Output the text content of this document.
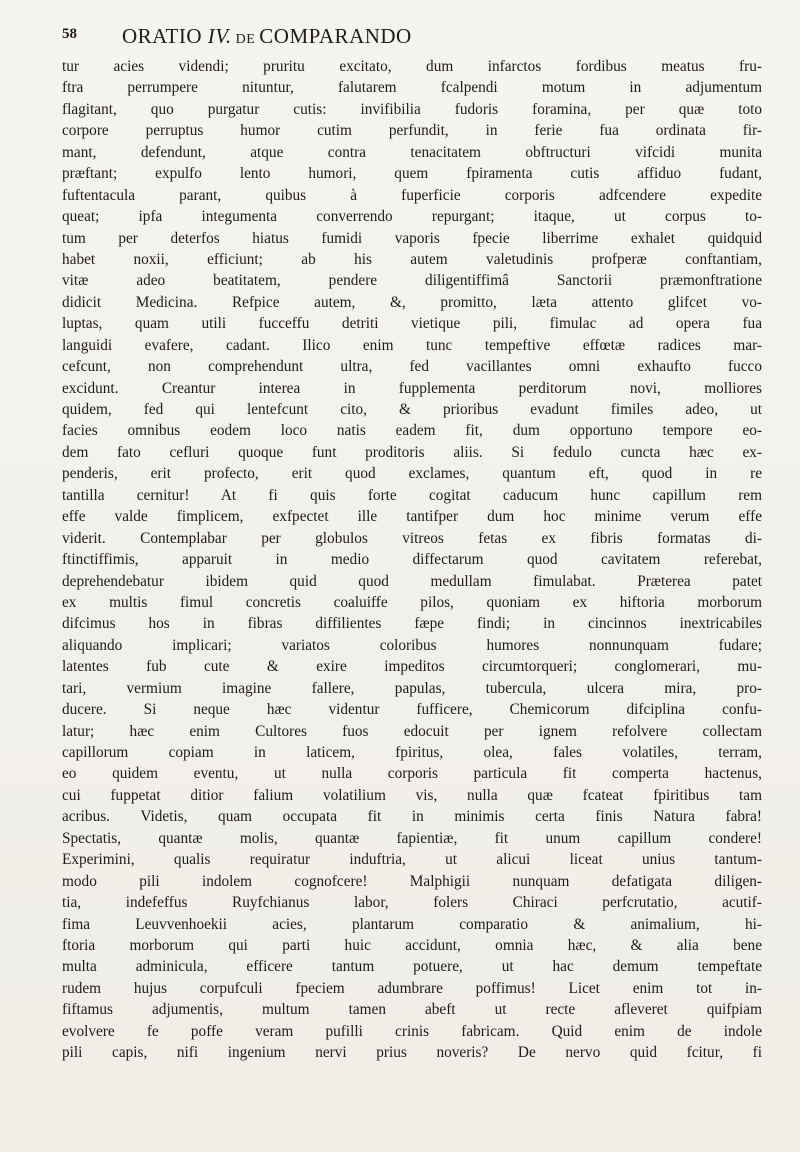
58 ORATIO IV. DE COMPARANDO
tur acies videndi; pruritu excitato, dum infarctos fordibus meatus fru-
ftra perrumpere nituntur, falutarem fcalpendi motum in adjumentum
flagitant, quo purgatur cutis: invifibilia fudoris foramina, per quæ toto
corpore perruptus humor cutim perfundit, in ferie fua ordinata fir-
mant, defendunt, atque contra tenacitatem obftructuri vifcidi munita
præftant; expulfo lento humori, quem fpiramenta cutis affiduo fudant,
fuftentacula parant, quibus à fuperficie corporis adfcendere expedite
queat; ipfa integumenta converrendo repurgant; itaque, ut corpus to-
tum per deterfos hiatus fumidi vaporis fpecie liberrime exhalet quidquid
habet noxii, efficiunt; ab his autem valetudinis profperæ conftantiam,
vitæ adeo beatitatem, pendere diligentiffimâ Sanctorii præmonftratione
didicit Medicina. Refpice autem, &, promitto, læta attento glifcet vo-
luptas, quam utili fucceffu detriti vietique pili, fimulac ad opera fua
languidi evafere, cadant. Ilico enim tunc tempeftive effœtæ radices mar-
cefcunt, non comprehendunt ultra, fed vacillantes omni exhaufto fucco
excidunt. Creantur interea in fupplementa perditorum novi, molliores
quidem, fed qui lentefcunt cito, & prioribus evadunt fimiles adeo, ut
facies omnibus eodem loco natis eadem fit, dum opportuno tempore eo-
dem fato cefluri quoque funt proditoris aliis. Si fedulo cuncta hæc ex-
penderis, erit profecto, erit quod exclames, quantum eft, quod in re
tantilla cernitur! At fi quis forte cogitat caducum hunc capillum rem
effe valde fimplicem, exfpectet ille tantifper dum hoc minime verum effe
viderit. Contemplabar per globulos vitreos fetas ex fibris formatas di-
ftinctiffimis, apparuit in medio diffectarum quod cavitatem referebat,
deprehendebatur ibidem quid quod medullam fimulabat. Præterea patet
ex multis fimul concretis coaluiffe pilos, quoniam ex hiftoria morborum
difcimus hos in fibras diffilientes fæpe findi; in cincinnos inextricabiles
aliquando implicari; variatos coloribus humores nonnunquam fudare;
latentes fub cute & exire impeditos circumtorqueri; conglomerari, mu-
tari, vermium imagine fallere, papulas, tubercula, ulcera mira, pro-
ducere. Si neque hæc videntur fufficere, Chemicorum difciplina confu-
latur; hæc enim Cultores fuos edocuit per ignem refolvere collectam
capillorum copiam in laticem, fpiritus, olea, fales volatiles, terram,
eo quidem eventu, ut nulla corporis particula fit comperta hactenus,
cui fuppetat ditior falium volatilium vis, nulla quæ fcateat fpiritibus tam
acribus. Videtis, quam occupata fit in minimis certa finis Natura fabra!
Spectatis, quantæ molis, quantæ fapientiæ, fit unum capillum condere!
Experimini, qualis requiratur induftria, ut alicui liceat unius tantum-
modo pili indolem cognofcere! Malphigii nunquam defatigata diligen-
tia, indefeffus Ruyfchianus labor, folers Chiraci perfcrutatio, acutif-
fima Leuvvenhoekii acies, plantarum comparatio & animalium, hi-
ftoria morborum qui parti huic accidunt, omnia hæc, & alia bene
multa adminicula, efficere tantum potuere, ut hac demum tempeftate
rudem hujus corpufculi fpeciem adumbrare poffimus! Licet enim tot in-
fiftamus adjumentis, multum tamen abeft ut recte afleveret quifpiam
evolvere fe poffe veram pufilli crinis fabricam. Quid enim de indole
pili capis, nifi ingenium nervi prius noveris? De nervo quid fcitur, fi
